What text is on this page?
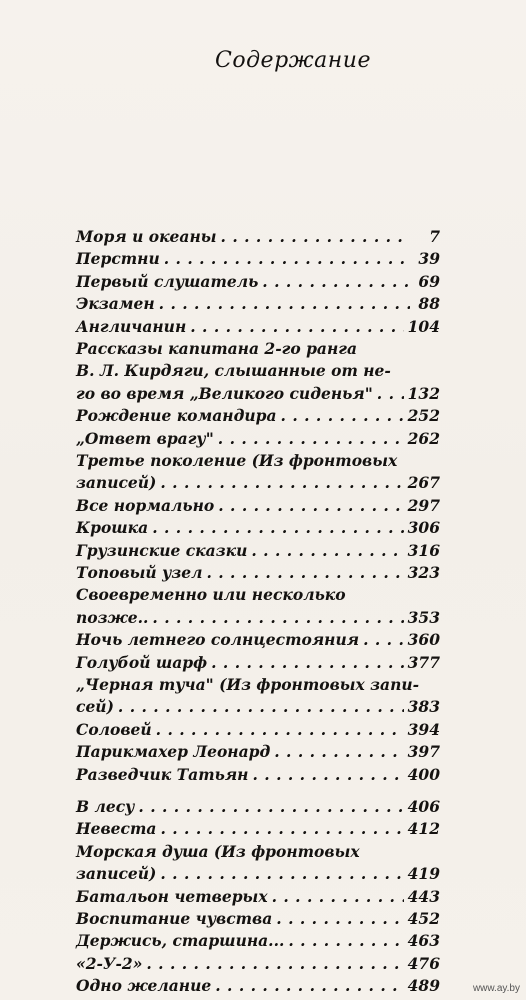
Содержание
Моря и океаны . . .	7
Перстни . . .	39
Первый слушатель . . .	69
Экзамен . . .	88
Англичанин . . .	104
Рассказы капитана 2-го ранга
В. Л. Кирдяги, слышанные от не-
го во время „Великого сиденья" . . . 132
Рождение командира . . .	252
„Ответ врагу" . . .	262
Третье поколение (Из фронтовых
записей) . . .	267
Все нормально . . .	297
Крошка . . .	306
Грузинские сказки . . .	316
Топовый узел . . .	323
Своевременно или несколько
позже.. . . .	353
Ночь летнего солнцестояния . . .	360
Голубой шарф . . .	377
„Черная туча" (Из фронтовых запи-
сей) . . .	383
Соловей . . .	394
Парикмахер Леонард . . .	397
Разведчик Татьян . . .	400
В лесу . . .	406
Невеста . . .	412
Морская душа (Из фронтовых
записей) . . .	419
Батальон четверых . . .	443
Воспитание чувства . . .	452
Держись, старшина... . . .	463
«2-У-2» . . .	476
Одно желание . . .	489	www.ay.by
